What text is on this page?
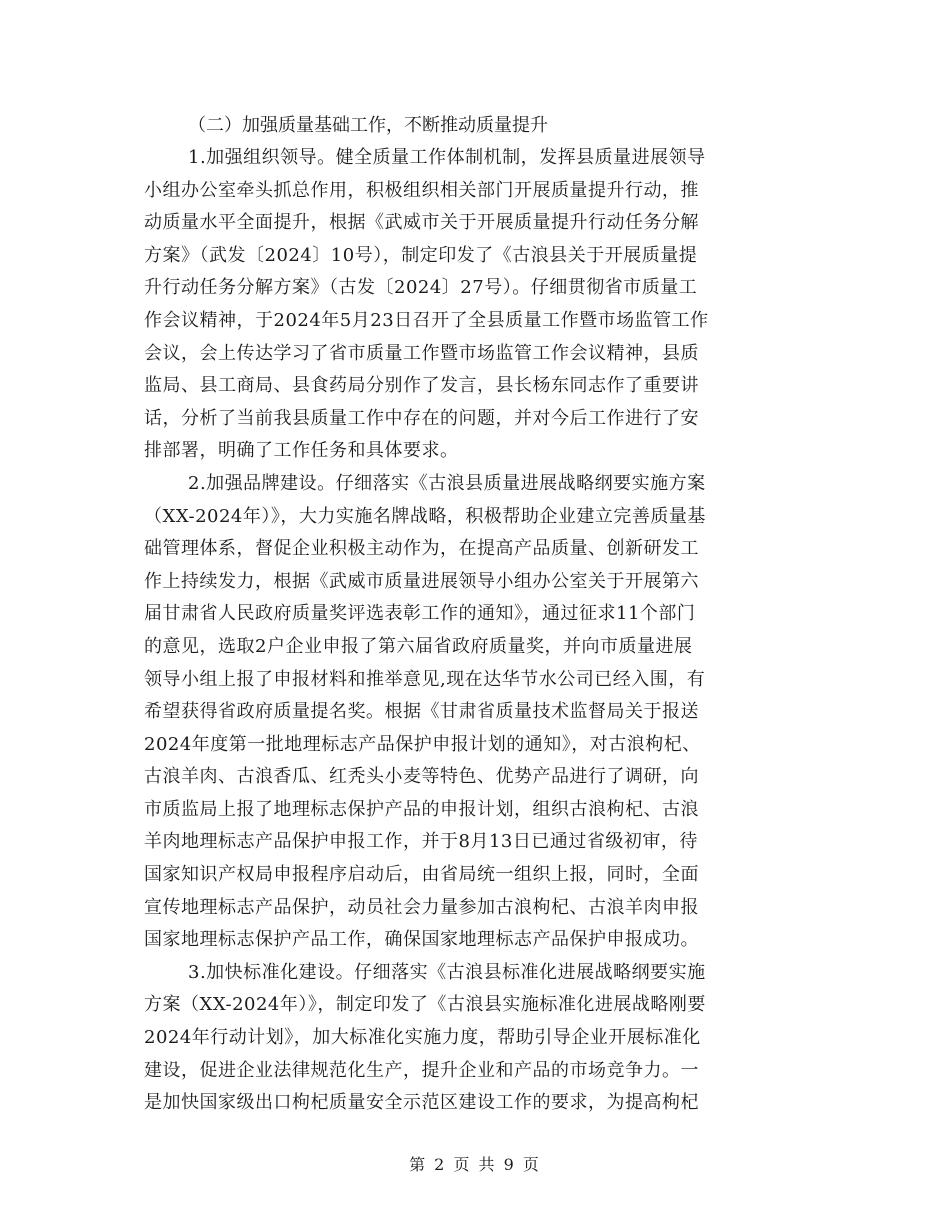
（二）加强质量基础工作，不断推动质量提升

1.加强组织领导。健全质量工作体制机制，发挥县质量进展领导
小组办公室牵头抓总作用，积极组织相关部门开展质量提升行动，推
动质量水平全面提升，根据《武威市关于开展质量提升行动任务分解
方案》（武发〔2024〕10号），制定印发了《古浪县关于开展质量提
升行动任务分解方案》（古发〔2024〕27号）。仔细贯彻省市质量工
作会议精神，于2024年5月23日召开了全县质量工作暨市场监管工作
会议，会上传达学习了省市质量工作暨市场监管工作会议精神，县质
监局、县工商局、县食药局分别作了发言，县长杨东同志作了重要讲
话，分析了当前我县质量工作中存在的问题，并对今后工作进行了安
排部署，明确了工作任务和具体要求。

2.加强品牌建设。仔细落实《古浪县质量进展战略纲要实施方案
（XX-2024年）》，大力实施名牌战略，积极帮助企业建立完善质量基
础管理体系，督促企业积极主动作为，在提高产品质量、创新研发工
作上持续发力，根据《武威市质量进展领导小组办公室关于开展第六
届甘肃省人民政府质量奖评选表彰工作的通知》，通过征求11个部门
的意见，选取2户企业申报了第六届省政府质量奖，并向市质量进展
领导小组上报了申报材料和推举意见,现在达华节水公司已经入围，有
希望获得省政府质量提名奖。根据《甘肃省质量技术监督局关于报送
2024年度第一批地理标志产品保护申报计划的通知》，对古浪枸杞、
古浪羊肉、古浪香瓜、红秃头小麦等特色、优势产品进行了调研，向
市质监局上报了地理标志保护产品的申报计划，组织古浪枸杞、古浪
羊肉地理标志产品保护申报工作，并于8月13日已通过省级初审，待
国家知识产权局申报程序启动后，由省局统一组织上报，同时，全面
宣传地理标志产品保护，动员社会力量参加古浪枸杞、古浪羊肉申报
国家地理标志保护产品工作，确保国家地理标志产品保护申报成功。

3.加快标准化建设。仔细落实《古浪县标准化进展战略纲要实施
方案（XX-2024年）》，制定印发了《古浪县实施标准化进展战略刚要
2024年行动计划》，加大标准化实施力度，帮助引导企业开展标准化
建设，促进企业法律规范化生产，提升企业和产品的市场竞争力。一
是加快国家级出口枸杞质量安全示范区建设工作的要求，为提高枸杞

第 2 页 共 9 页
